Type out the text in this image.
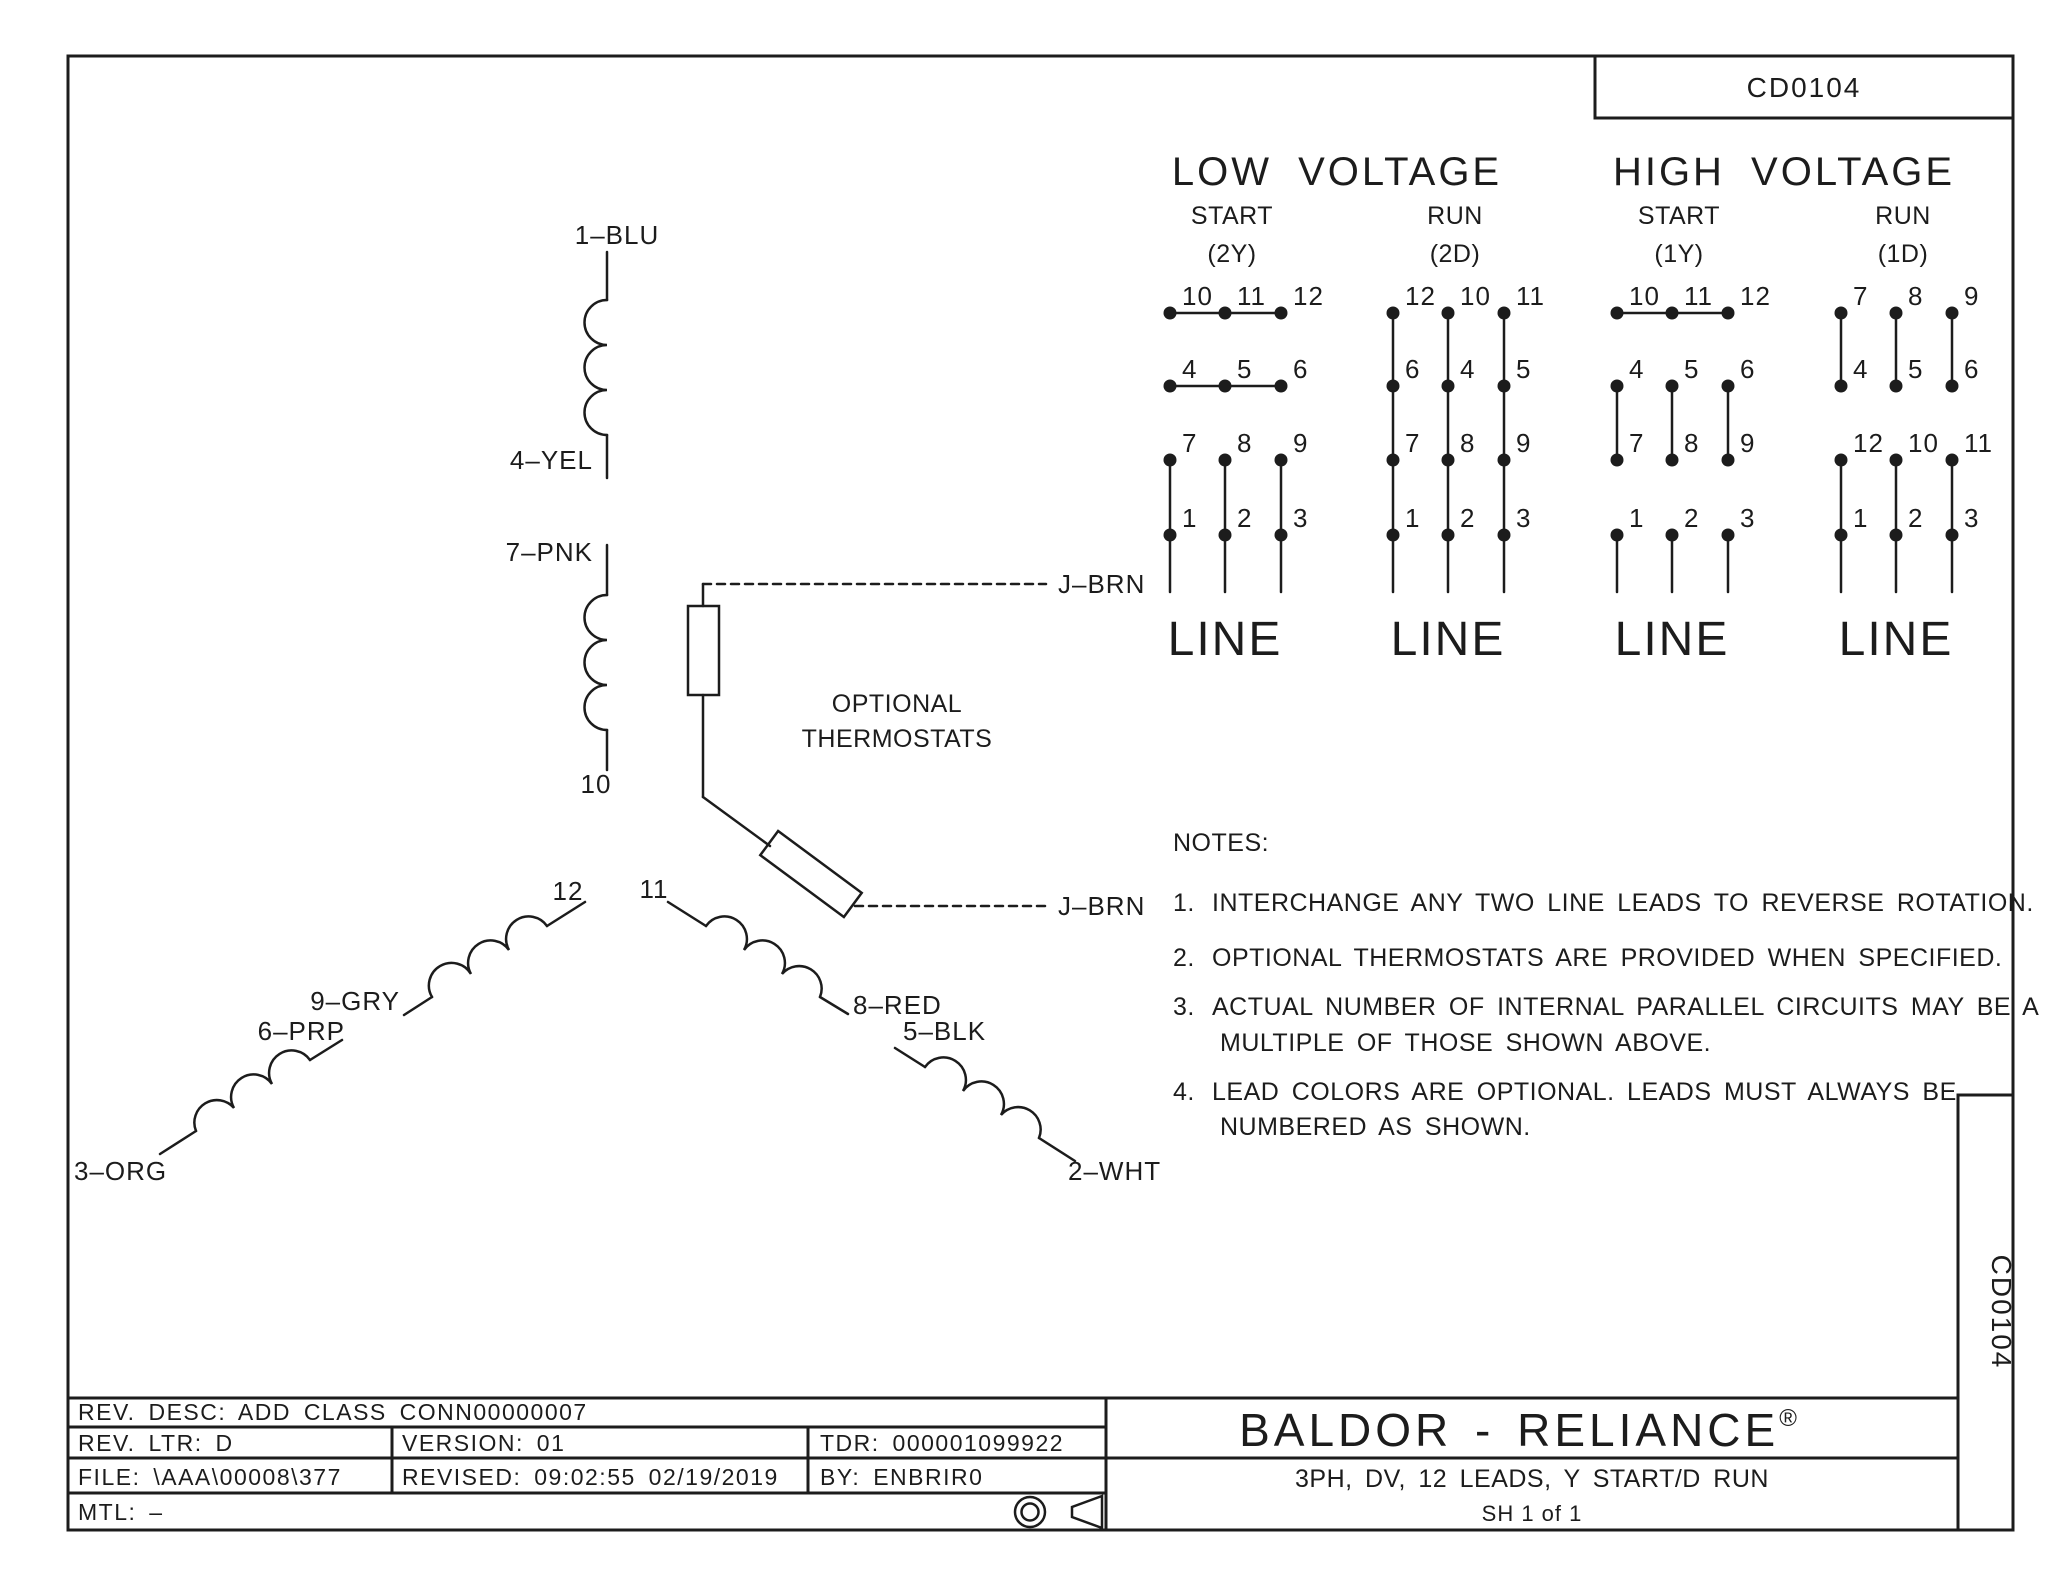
CD0104
CD0104
LOW VOLTAGE	HIGH VOLTAGE
START
(2Y)
RUN
(2D)
START
(1Y)
RUN
(1D)
10 11 12
4 5 6
7 8 9
1 2 3
LINE
12 10 11
6 4 5
7 8 9
1 2 3
LINE
10 11 12
4 5 6
7 8 9
1 2 3
LINE
7 8 9
4 5 6
12 10 11
1 2 3
LINE
1–BLU
4–YEL
7–PNK
10
12 11
9–GRY
6–PRP
3–ORG
8–RED
5–BLK
2–WHT
J–BRN
J–BRN
OPTIONAL
THERMOSTATS
NOTES:
1. INTERCHANGE ANY TWO LINE LEADS TO REVERSE ROTATION.
2. OPTIONAL THERMOSTATS ARE PROVIDED WHEN SPECIFIED.
3. ACTUAL NUMBER OF INTERNAL PARALLEL CIRCUITS MAY BE A
MULTIPLE OF THOSE SHOWN ABOVE.
4. LEAD COLORS ARE OPTIONAL. LEADS MUST ALWAYS BE
NUMBERED AS SHOWN.
REV. DESC: ADD CLASS CONN00000007
REV. LTR: D	VERSION: 01	TDR: 000001099922
FILE: \AAA\00008\377	REVISED: 09:02:55 02/19/2019 BY: ENBRIR0
MTL: –
BALDOR - RELIANCE®
3PH, DV, 12 LEADS, Y START/D RUN
SH 1 of 1
